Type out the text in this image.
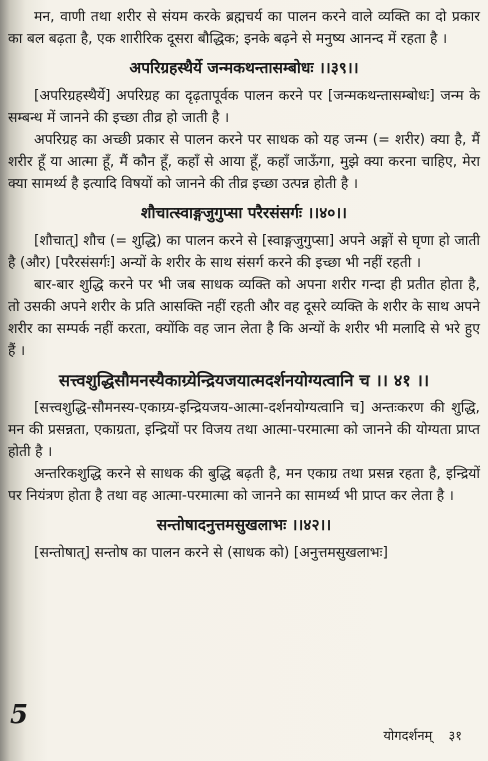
मन, वाणी तथा शरीर से संयम करके ब्रह्मचर्य का पालन करने वाले व्यक्ति का दो प्रकार का बल बढ़ता है, एक शारीरिक दूसरा बौद्धिक; इनके बढ़ने से मनुष्य आनन्द में रहता है ।
अपरिग्रहस्थैर्ये जन्मकथन्तासम्बोधः ।।३९।।
[अपरिग्रहस्थैर्ये] अपरिग्रह का दृढ़तापूर्वक पालन करने पर [जन्मकथन्तासम्बोधः] जन्म के सम्बन्ध में जानने की इच्छा तीव्र हो जाती है ।
अपरिग्रह का अच्छी प्रकार से पालन करने पर साधक को यह जन्म (= शरीर) क्या है, मैं शरीर हूँ या आत्मा हूँ, मैं कौन हूँ, कहाँ से आया हूँ, कहाँ जाऊँगा, मुझे क्या करना चाहिए, मेरा क्या सामर्थ्य है इत्यादि विषयों को जानने की तीव्र इच्छा उत्पन्न होती है ।
शौचात्स्वाङ्गजुगुप्सा परैरसंसर्गः ।।४०।।
[शौचात्] शौच (= शुद्धि) का पालन करने से [स्वाङ्गजुगुप्सा] अपने अङ्गों से घृणा हो जाती है (और) [परैरसंसर्गः] अन्यों के शरीर के साथ संसर्ग करने की इच्छा भी नहीं रहती ।
बार-बार शुद्धि करने पर भी जब साधक व्यक्ति को अपना शरीर गन्दा ही प्रतीत होता है, तो उसकी अपने शरीर के प्रति आसक्ति नहीं रहती और वह दूसरे व्यक्ति के शरीर के साथ अपने शरीर का सम्पर्क नहीं करता, क्योंकि वह जान लेता है कि अन्यों के शरीर भी मलादि से भरे हुए हैं ।
सत्त्वशुद्धिसौमनस्यैकाग्र्येन्द्रियजयात्मदर्शनयोग्यत्वानि च ।। ४१ ।।
[सत्त्वशुद्धि-सौमनस्य-एकाग्र्य-इन्द्रियजय-आत्मा-दर्शनयोग्यत्वानि च] अन्तःकरण की शुद्धि, मन की प्रसन्नता, एकाग्रता, इन्द्रियों पर विजय तथा आत्मा-परमात्मा को जानने की योग्यता प्राप्त होती है ।
अन्तरिकशुद्धि करने से साधक की बुद्धि बढ़ती है, मन एकाग्र तथा प्रसन्न रहता है, इन्द्रियों पर नियंत्रण होता है तथा वह आत्मा-परमात्मा को जानने का सामर्थ्य भी प्राप्त कर लेता है ।
सन्तोषादनुत्तमसुखलाभः ।।४२।।
[सन्तोषात्] सन्तोष का पालन करने से (साधक को) [अनुत्तमसुखलाभः]
5
योगदर्शनम् ३१
